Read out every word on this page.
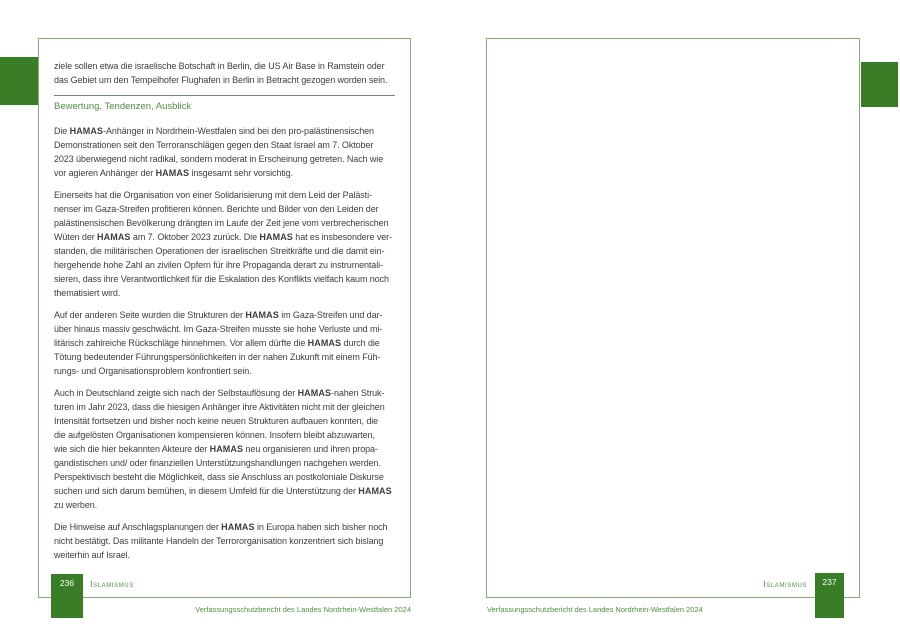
ziele sollen etwa die israelische Botschaft in Berlin, die US Air Base in Ramstein oder
das Gebiet um den Tempelhofer Flughafen in Berlin in Betracht gezogen worden sein.
Bewertung, Tendenzen, Ausblick
Die HAMAS-Anhänger in Nordrhein-Westfalen sind bei den pro-palästinensischen
Demonstrationen seit den Terroranschlägen gegen den Staat Israel am 7. Oktober
2023 überwiegend nicht radikal, sondern moderat in Erscheinung getreten. Nach wie
vor agieren Anhänger der HAMAS insgesamt sehr vorsichtig.
Einerseits hat die Organisation von einer Solidarisierung mit dem Leid der Palästi-
nenser im Gaza-Streifen profitieren können. Berichte und Bilder von den Leiden der
palästinensischen Bevölkerung drängten im Laufe der Zeit jene vom verbrecherischen
Wüten der HAMAS am 7. Oktober 2023 zurück. Die HAMAS hat es insbesondere ver-
standen, die militärischen Operationen der israelischen Streitkräfte und die damit ein-
hergehende hohe Zahl an zivilen Opfern für ihre Propaganda derart zu instrumentali-
sieren, dass ihre Verantwortlichkeit für die Eskalation des Konflikts vielfach kaum noch
thematisiert wird.
Auf der anderen Seite wurden die Strukturen der HAMAS im Gaza-Streifen und dar-
über hinaus massiv geschwächt. Im Gaza-Streifen musste sie hohe Verluste und mi-
litärisch zahlreiche Rückschläge hinnehmen. Vor allem dürfte die HAMAS durch die
Tötung bedeutender Führungspersönlichkeiten in der nahen Zukunft mit einem Füh-
rungs- und Organisationsproblem konfrontiert sein.
Auch in Deutschland zeigte sich nach der Selbstauflösung der HAMAS-nahen Struk-
turen im Jahr 2023, dass die hiesigen Anhänger ihre Aktivitäten nicht mit der gleichen
Intensität fortsetzen und bisher noch keine neuen Strukturen aufbauen konnten, die
die aufgelösten Organisationen kompensieren können. Insofern bleibt abzuwarten,
wie sich die hier bekannten Akteure der HAMAS neu organisieren und ihren propa-
gandistischen und/ oder finanziellen Unterstützungshandlungen nachgehen werden.
Perspektivisch besteht die Möglichkeit, dass sie Anschluss an postkoloniale Diskurse
suchen und sich darum bemühen, in diesem Umfeld für die Unterstützung der HAMAS
zu werben.
Die Hinweise auf Anschlagsplanungen der HAMAS in Europa haben sich bisher noch
nicht bestätigt. Das militante Handeln der Terrororganisation konzentriert sich bislang
weiterhin auf Israel.
236	237
Islamismus	Islamismus
Verfassungsschutzbericht des Landes Nordrhein-Westfalen 2024	Verfassungsschutzbericht des Landes Nordrhein-Westfalen 2024
